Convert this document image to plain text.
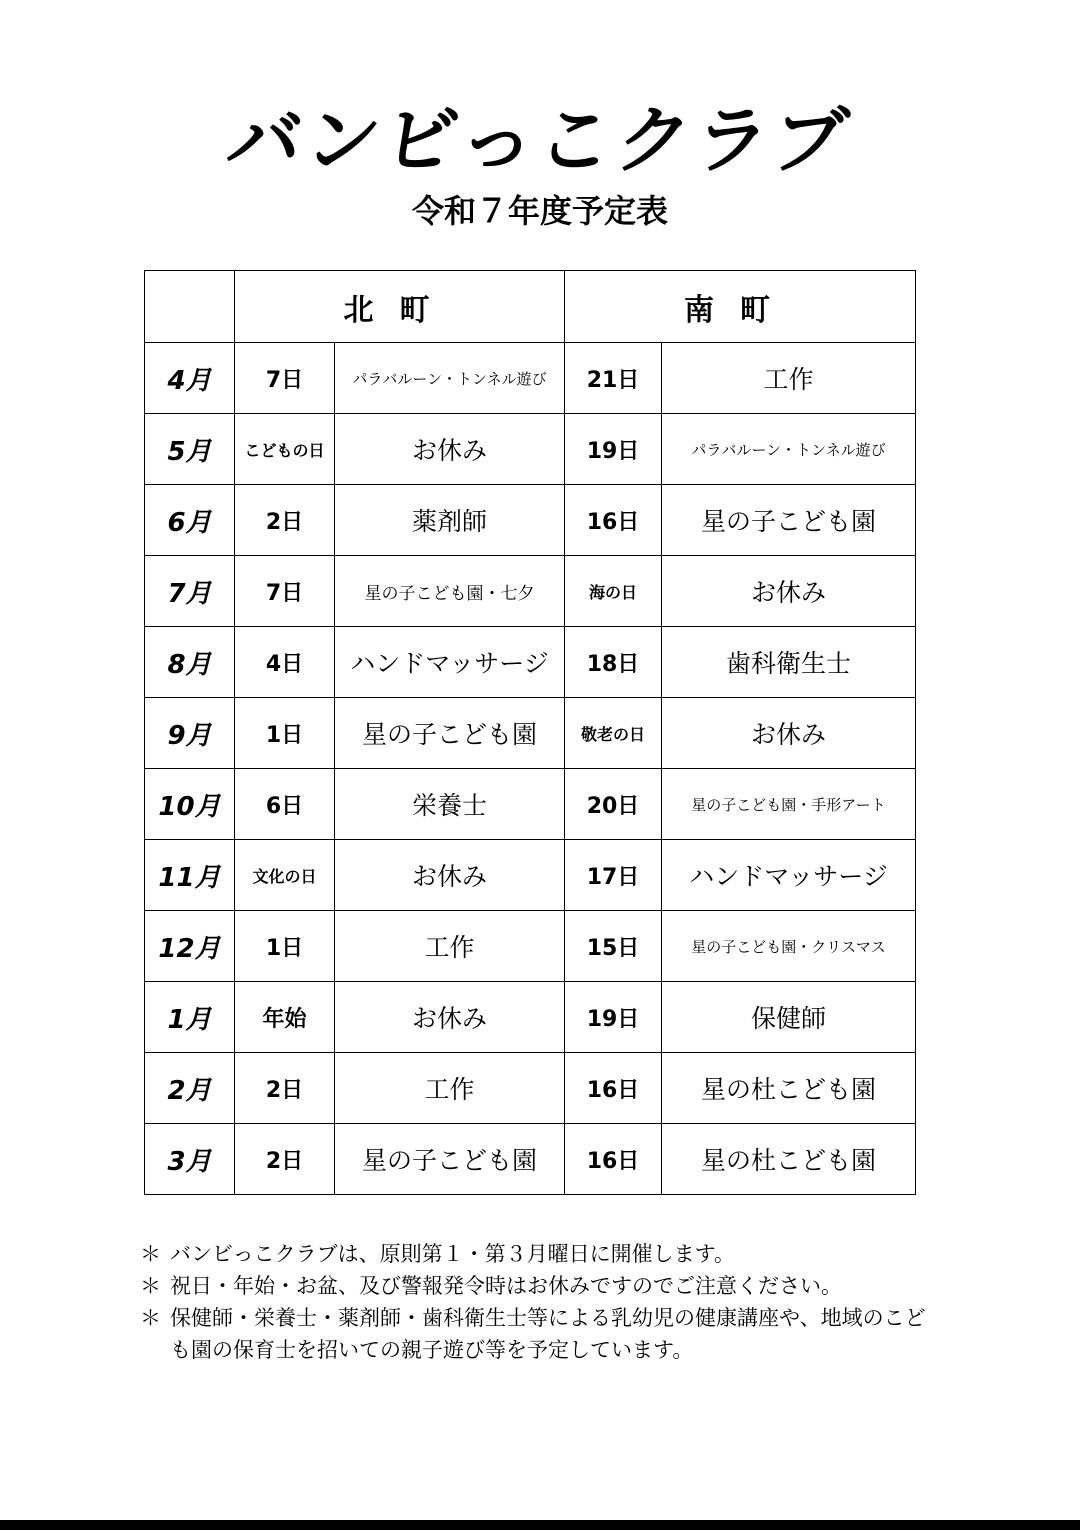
バンビっこクラブ
令和７年度予定表
	北町		南町	
4月	7日	パラバルーン・トンネル遊び	21日	工作
5月	こどもの日	お休み	19日	パラバルーン・トンネル遊び
6月	2日	薬剤師	16日	星の子こども園
7月	7日	星の子こども園・七夕	海の日	お休み
8月	4日	ハンドマッサージ	18日	歯科衛生士
9月	1日	星の子こども園	敬老の日	お休み
10月	6日	栄養士	20日	星の子こども園・手形アート
11月	文化の日	お休み	17日	ハンドマッサージ
12月	1日	工作	15日	星の子こども園・クリスマス
1月	年始	お休み	19日	保健師
2月	2日	工作	16日	星の杜こども園
3月	2日	星の子こども園	16日	星の杜こども園
＊ バンビっこクラブは、原則第１・第３月曜日に開催します。
＊ 祝日・年始・お盆、及び警報発令時はお休みですのでご注意ください。
＊ 保健師・栄養士・薬剤師・歯科衛生士等による乳幼児の健康講座や、地域のこども園の保育士を招いての親子遊び等を予定しています。
